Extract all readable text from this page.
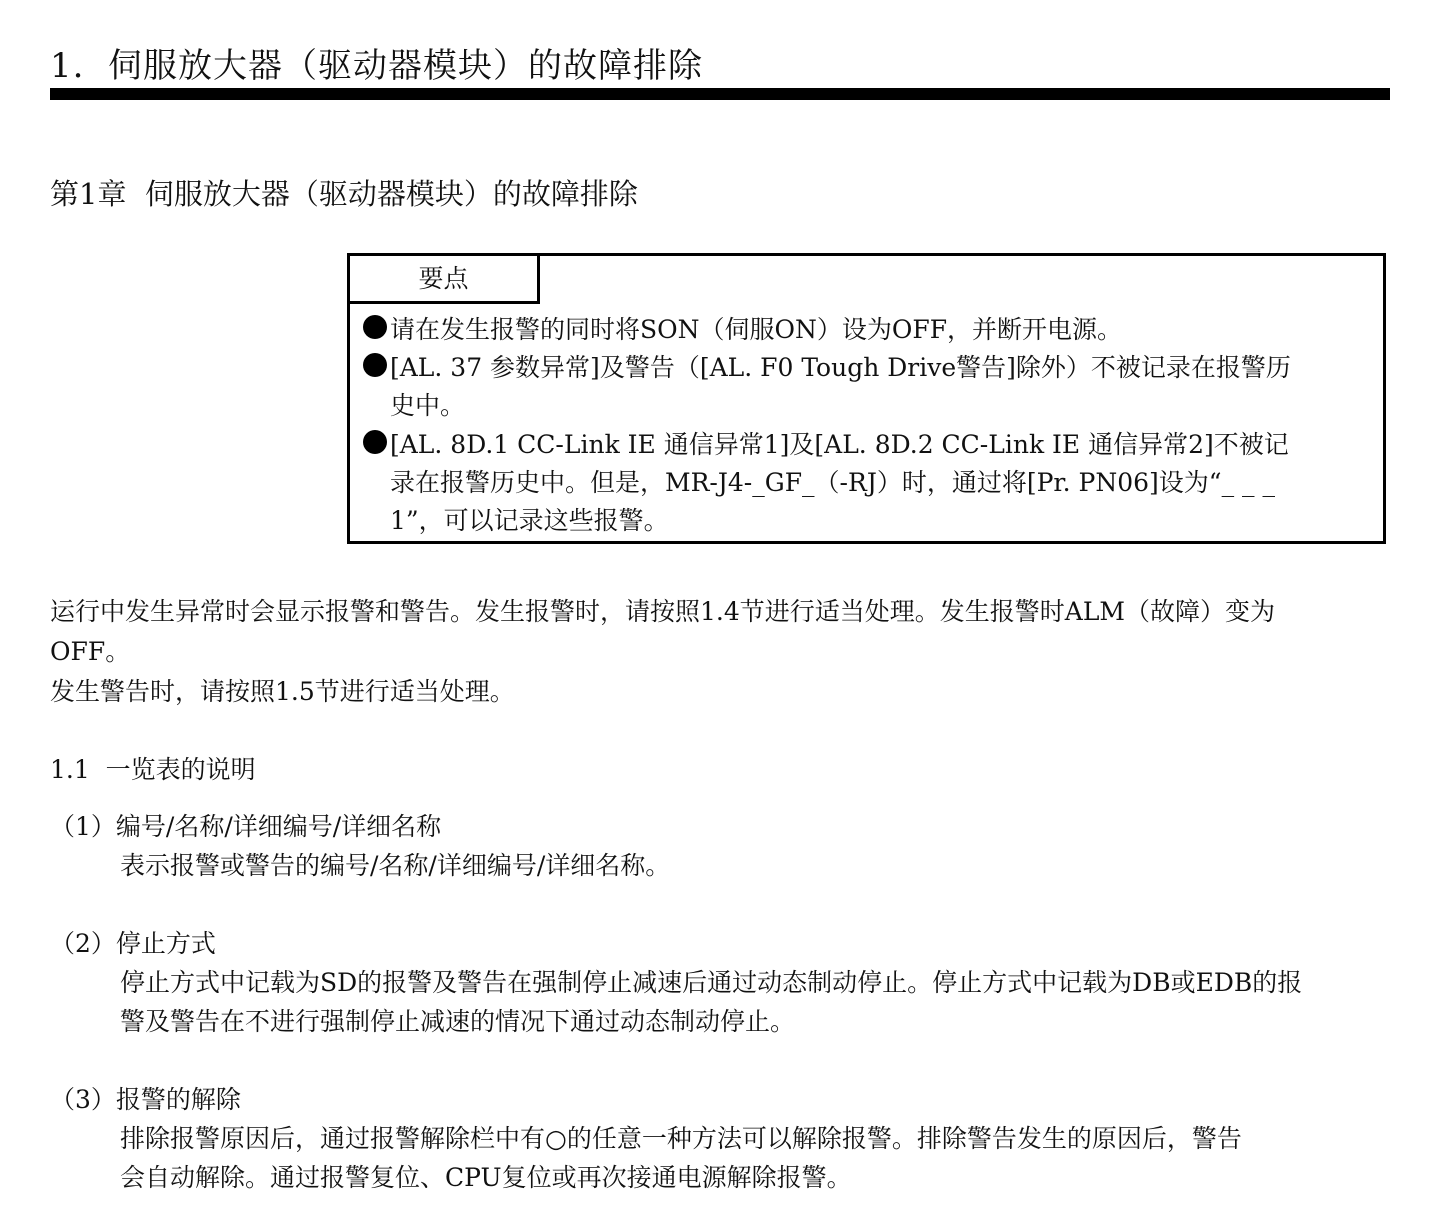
1.  伺服放大器（驱动器模块）的故障排除
第1章  伺服放大器（驱动器模块）的故障排除
要点
请在发生报警的同时将SON（伺服ON）设为OFF，并断开电源。
[AL. 37 参数异常]及警告（[AL. F0 Tough Drive警告]除外）不被记录在报警历
史中。
[AL. 8D.1 CC-Link IE 通信异常1]及[AL. 8D.2 CC-Link IE 通信异常2]不被记
录在报警历史中。但是，MR-J4-_GF_（-RJ）时，通过将[Pr. PN06]设为“_ _ _
1”，可以记录这些报警。
运行中发生异常时会显示报警和警告。发生报警时，请按照1.4节进行适当处理。发生报警时ALM（故障）变为
OFF。
发生警告时，请按照1.5节进行适当处理。
1.1  一览表的说明
（1）编号/名称/详细编号/详细名称
表示报警或警告的编号/名称/详细编号/详细名称。
（2）停止方式
停止方式中记载为SD的报警及警告在强制停止减速后通过动态制动停止。停止方式中记载为DB或EDB的报
警及警告在不进行强制停止减速的情况下通过动态制动停止。
（3）报警的解除
排除报警原因后，通过报警解除栏中有○的任意一种方法可以解除报警。排除警告发生的原因后，警告
会自动解除。通过报警复位、CPU复位或再次接通电源解除报警。
